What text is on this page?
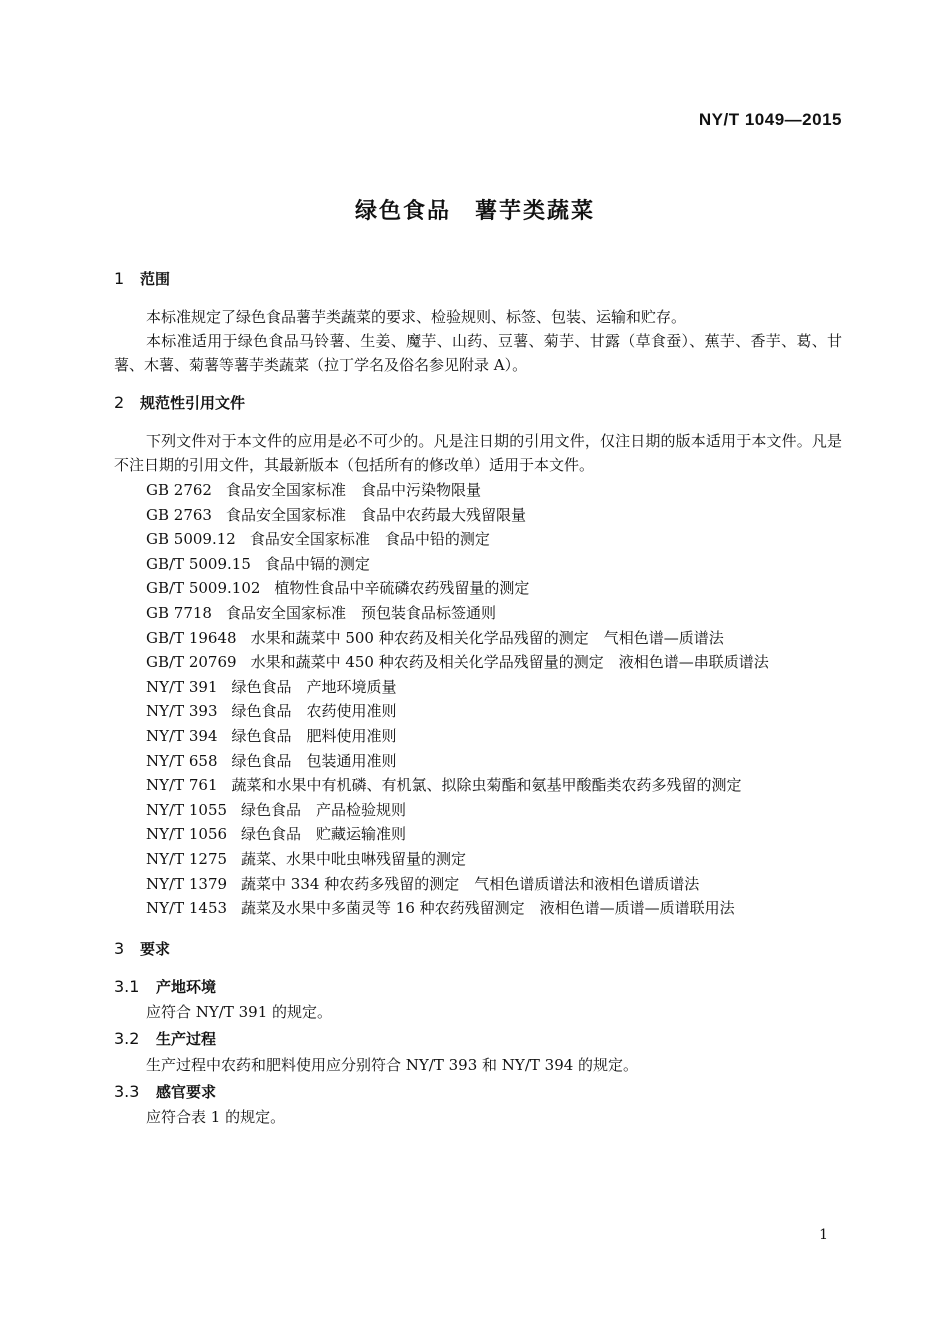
NY/T 1049—2015
绿色食品　薯芋类蔬菜
1 范围
本标准规定了绿色食品薯芋类蔬菜的要求、检验规则、标签、包装、运输和贮存。
本标准适用于绿色食品马铃薯、生姜、魔芋、山药、豆薯、菊芋、甘露（草食蚕）、蕉芋、香芋、葛、甘薯、木薯、菊薯等薯芋类蔬菜（拉丁学名及俗名参见附录 A）。
2 规范性引用文件
下列文件对于本文件的应用是必不可少的。凡是注日期的引用文件，仅注日期的版本适用于本文件。凡是不注日期的引用文件，其最新版本（包括所有的修改单）适用于本文件。
GB 2762 食品安全国家标准　食品中污染物限量
GB 2763 食品安全国家标准　食品中农药最大残留限量
GB 5009.12 食品安全国家标准　食品中铅的测定
GB/T 5009.15 食品中镉的测定
GB/T 5009.102 植物性食品中辛硫磷农药残留量的测定
GB 7718 食品安全国家标准　预包装食品标签通则
GB/T 19648 水果和蔬菜中 500 种农药及相关化学品残留的测定　气相色谱—质谱法
GB/T 20769 水果和蔬菜中 450 种农药及相关化学品残留量的测定　液相色谱—串联质谱法
NY/T 391 绿色食品　产地环境质量
NY/T 393 绿色食品　农药使用准则
NY/T 394 绿色食品　肥料使用准则
NY/T 658 绿色食品　包装通用准则
NY/T 761 蔬菜和水果中有机磷、有机氯、拟除虫菊酯和氨基甲酸酯类农药多残留的测定
NY/T 1055 绿色食品　产品检验规则
NY/T 1056 绿色食品　贮藏运输准则
NY/T 1275 蔬菜、水果中吡虫啉残留量的测定
NY/T 1379 蔬菜中 334 种农药多残留的测定　气相色谱质谱法和液相色谱质谱法
NY/T 1453 蔬菜及水果中多菌灵等 16 种农药残留测定　液相色谱—质谱—质谱联用法
3 要求
3.1 产地环境
应符合 NY/T 391 的规定。
3.2 生产过程
生产过程中农药和肥料使用应分别符合 NY/T 393 和 NY/T 394 的规定。
3.3 感官要求
应符合表 1 的规定。
1
